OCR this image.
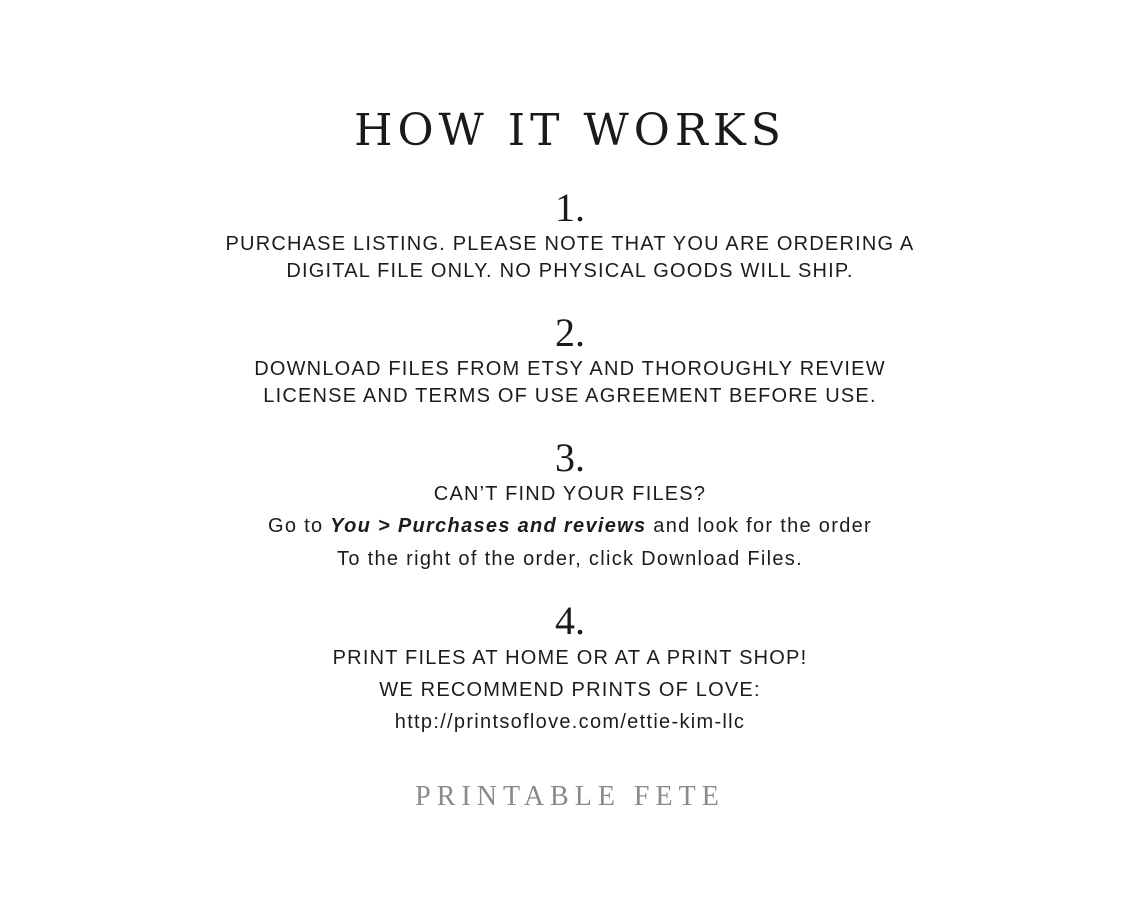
HOW IT WORKS
1.
PURCHASE LISTING. PLEASE NOTE THAT YOU ARE ORDERING A
DIGITAL FILE ONLY. NO PHYSICAL GOODS WILL SHIP.
2.
DOWNLOAD FILES FROM ETSY AND THOROUGHLY REVIEW
LICENSE AND TERMS OF USE AGREEMENT BEFORE USE.
3.
CAN’T FIND YOUR FILES?
Go to You > Purchases and reviews and look for the order
To the right of the order, click Download Files.
4.
PRINT FILES AT HOME OR AT A PRINT SHOP!
WE RECOMMEND PRINTS OF LOVE:
http://printsoflove.com/ettie-kim-llc
PRINTABLE FETE
